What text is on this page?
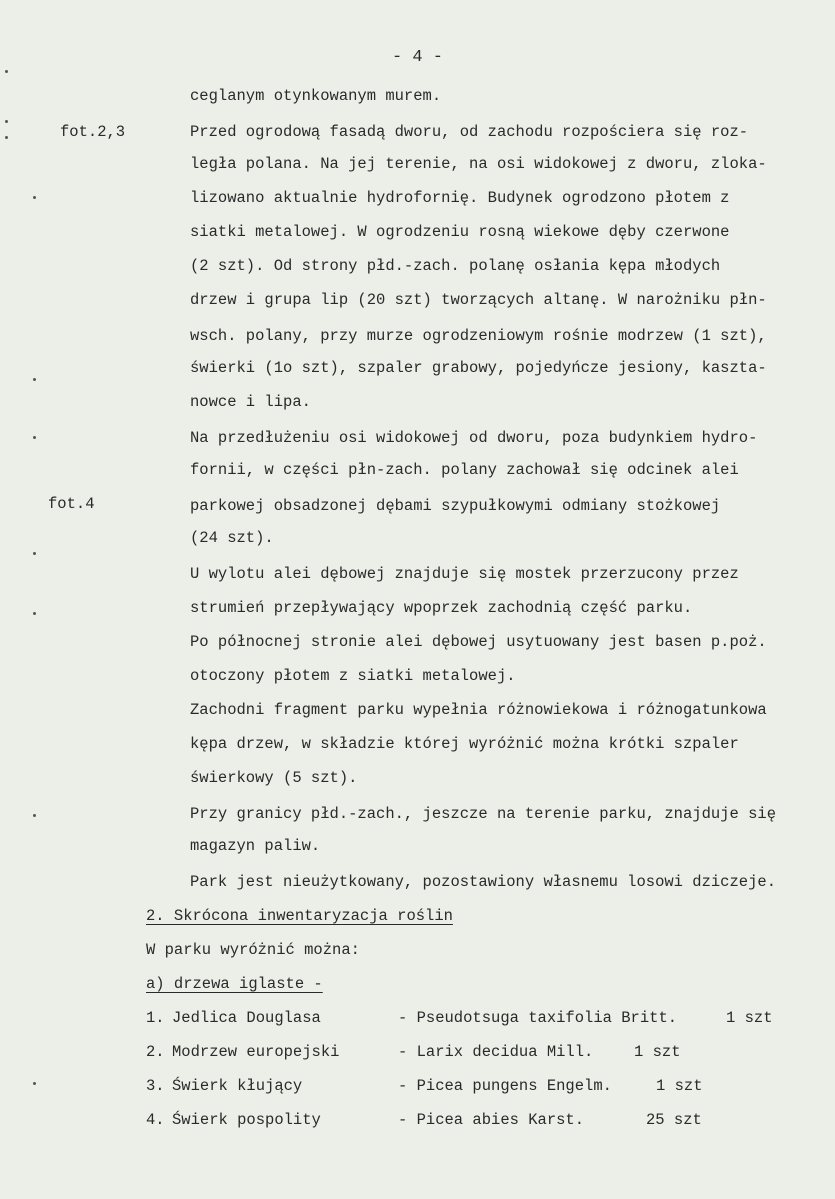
- 4 -
fot.2,3
fot.4
ceglanym otynkowanym murem.
Przed ogrodową fasadą dworu, od zachodu rozpościera się roz-
legła polana. Na jej terenie, na osi widokowej z dworu, zloka-
lizowano aktualnie hydrofornię. Budynek ogrodzono płotem z
siatki metalowej. W ogrodzeniu rosną wiekowe dęby czerwone
(2 szt). Od strony płd.-zach. polanę osłania kępa młodych
drzew i grupa lip (20 szt) tworzących altanę. W narożniku płn-
wsch. polany, przy murze ogrodzeniowym rośnie modrzew (1 szt),
świerki (1o szt), szpaler grabowy, pojedyńcze jesiony, kaszta-
nowce i lipa.
Na przedłużeniu osi widokowej od dworu, poza budynkiem hydro-
fornii, w części płn-zach. polany zachował się odcinek alei
parkowej obsadzonej dębami szypułkowymi odmiany stożkowej
(24 szt).
U wylotu alei dębowej znajduje się mostek przerzucony przez
strumień przepływający wpoprzek zachodnią część parku.
Po północnej stronie alei dębowej usytuowany jest basen p.poż.
otoczony płotem z siatki metalowej.
Zachodni fragment parku wypełnia różnowiekowa i różnogatunkowa
kępa drzew, w składzie której wyróżnić można krótki szpaler
świerkowy (5 szt).
Przy granicy płd.-zach., jeszcze na terenie parku, znajduje się
magazyn paliw.
Park jest nieużytkowany, pozostawiony własnemu losowi dziczeje.
2. Skrócona inwentaryzacja roślin
W parku wyróżnić można:
a) drzewa iglaste -
1. Jedlica Douglasa	- Pseudotsuga taxifolia Britt.	1 szt
2. Modrzew europejski	- Larix decidua Mill.	1 szt
3. Świerk kłujący	- Picea pungens Engelm.	1 szt
4. Świerk pospolity	- Picea abies Karst.	25 szt
